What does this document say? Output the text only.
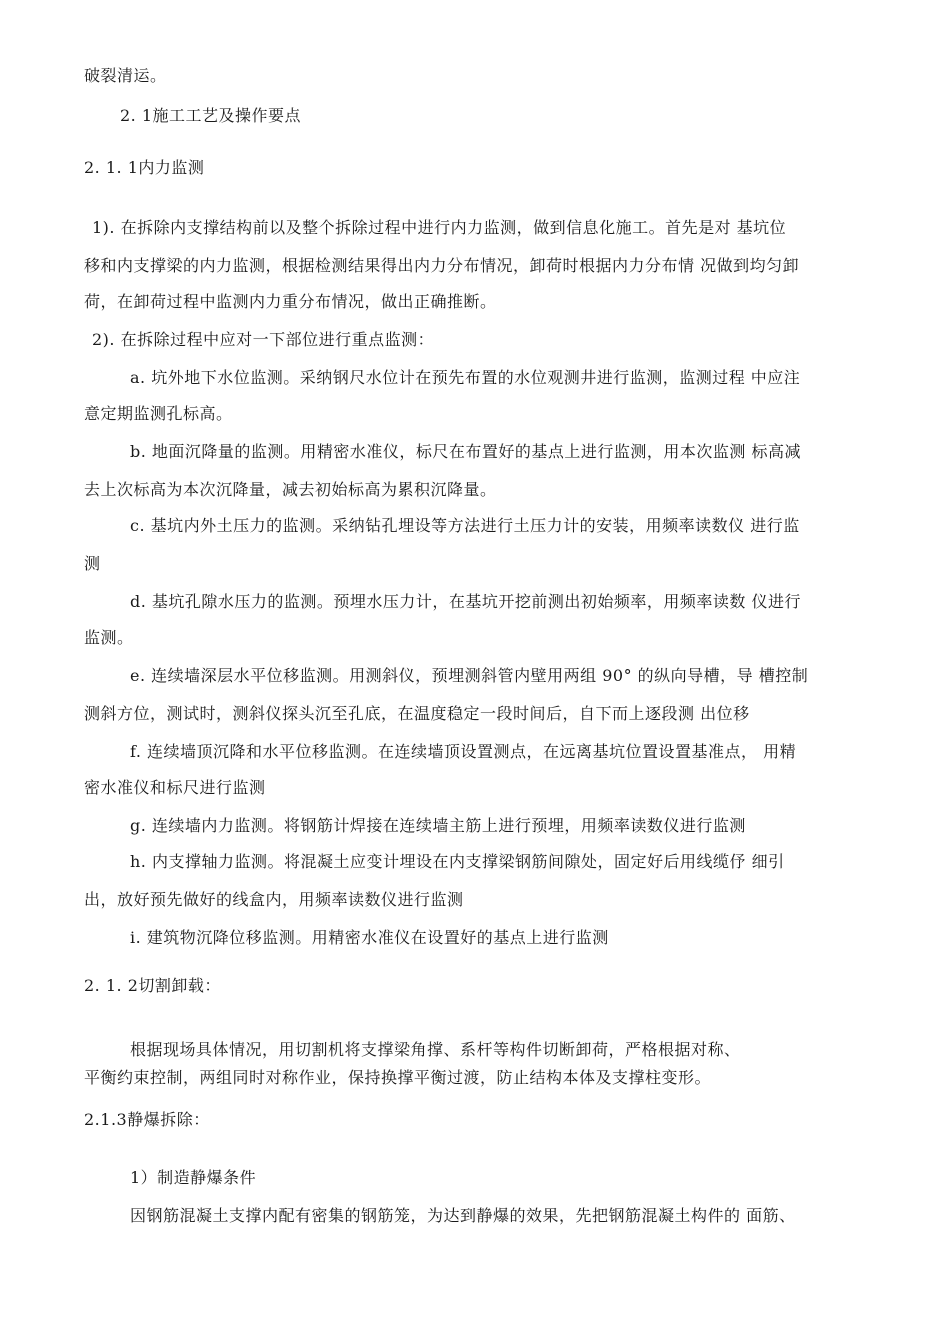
破裂清运。
2. 1施工工艺及操作要点
2. 1. 1内力监测
1). 在拆除内支撑结构前以及整个拆除过程中进行内力监测，做到信息化施工。首先是对 基坑位
移和内支撑梁的内力监测，根据检测结果得出内力分布情况，卸荷时根据内力分布情 况做到均匀卸
荷，在卸荷过程中监测内力重分布情况，做出正确推断。
2). 在拆除过程中应对一下部位进行重点监测：
a. 坑外地下水位监测。采纳钢尺水位计在预先布置的水位观测井进行监测，监测过程 中应注
意定期监测孔标高。
b. 地面沉降量的监测。用精密水准仪，标尺在布置好的基点上进行监测，用本次监测 标高减
去上次标高为本次沉降量，减去初始标高为累积沉降量。
c. 基坑内外土压力的监测。采纳钻孔埋设等方法进行土压力计的安装，用频率读数仪 进行监
测
d. 基坑孔隙水压力的监测。预埋水压力计，在基坑开挖前测出初始频率，用频率读数 仪进行
监测。
e. 连续墙深层水平位移监测。用测斜仪，预埋测斜管内壁用两组 90° 的纵向导槽，导 槽控制
测斜方位，测试时，测斜仪探头沉至孔底，在温度稳定一段时间后，自下而上逐段测 出位移
f. 连续墙顶沉降和水平位移监测。在连续墙顶设置测点，在远离基坑位置设置基准点， 用精
密水准仪和标尺进行监测
g. 连续墙内力监测。将钢筋计焊接在连续墙主筋上进行预埋，用频率读数仪进行监测
h. 内支撑轴力监测。将混凝土应变计埋设在内支撑梁钢筋间隙处，固定好后用线缆伃 细引
出，放好预先做好的线盒内，用频率读数仪进行监测
i. 建筑物沉降位移监测。用精密水准仪在设置好的基点上进行监测
2. 1. 2切割卸载：
根据现场具体情况，用切割机将支撑梁角撑、系杆等构件切断卸荷，严格根据对称、
平衡约束控制，两组同时对称作业，保持换撑平衡过渡，防止结构本体及支撑柱变形。
2.1.3静爆拆除：
1）制造静爆条件
因钢筋混凝土支撑内配有密集的钢筋笼，为达到静爆的效果，先把钢筋混凝土构件的 面筋、
